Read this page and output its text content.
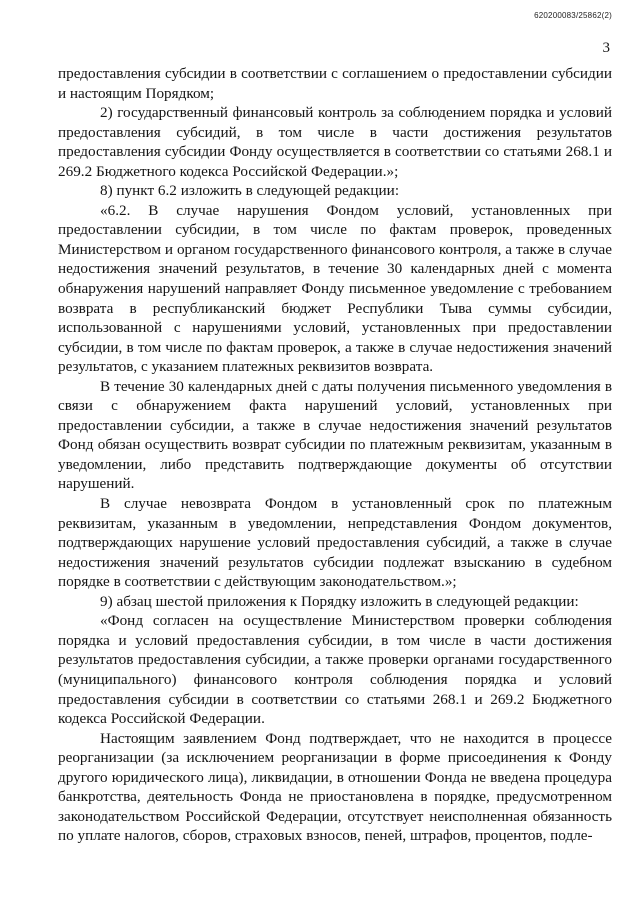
620200083/25862(2)
3

предоставления субсидии в соответствии с соглашением о предоставлении субсидии и настоящим Порядком;

2) государственный финансовый контроль за соблюдением порядка и условий предоставления субсидий, в том числе в части достижения результатов предоставления субсидии Фонду осуществляется в соответствии со статьями 268.1 и 269.2 Бюджетного кодекса Российской Федерации.»;

8) пункт 6.2 изложить в следующей редакции:

«6.2. В случае нарушения Фондом условий, установленных при предоставлении субсидии, в том числе по фактам проверок, проведенных Министерством и органом государственного финансового контроля, а также в случае недостижения значений результатов, в течение 30 календарных дней с момента обнаружения нарушений направляет Фонду письменное уведомление с требованием возврата в республиканский бюджет Республики Тыва суммы субсидии, использованной с нарушениями условий, установленных при предоставлении субсидии, в том числе по фактам проверок, а также в случае недостижения значений результатов, с указанием платежных реквизитов возврата.

В течение 30 календарных дней с даты получения письменного уведомления в связи с обнаружением факта нарушений условий, установленных при предоставлении субсидии, а также в случае недостижения значений результатов Фонд обязан осуществить возврат субсидии по платежным реквизитам, указанным в уведомлении, либо представить подтверждающие документы об отсутствии нарушений.

В случае невозврата Фондом в установленный срок по платежным реквизитам, указанным в уведомлении, непредставления Фондом документов, подтверждающих нарушение условий предоставления субсидий, а также в случае недостижения значений результатов субсидии подлежат взысканию в судебном порядке в соответствии с действующим законодательством.»;

9) абзац шестой приложения к Порядку изложить в следующей редакции:

«Фонд согласен на осуществление Министерством проверки соблюдения порядка и условий предоставления субсидии, в том числе в части достижения результатов предоставления субсидии, а также проверки органами государственного (муниципального) финансового контроля соблюдения порядка и условий предоставления субсидии в соответствии со статьями 268.1 и 269.2 Бюджетного кодекса Российской Федерации.

Настоящим заявлением Фонд подтверждает, что не находится в процессе реорганизации (за исключением реорганизации в форме присоединения к Фонду другого юридического лица), ликвидации, в отношении Фонда не введена процедура банкротства, деятельность Фонда не приостановлена в порядке, предусмотренном законодательством Российской Федерации, отсутствует неисполненная обязанность по уплате налогов, сборов, страховых взносов, пеней, штрафов, процентов, подле-
